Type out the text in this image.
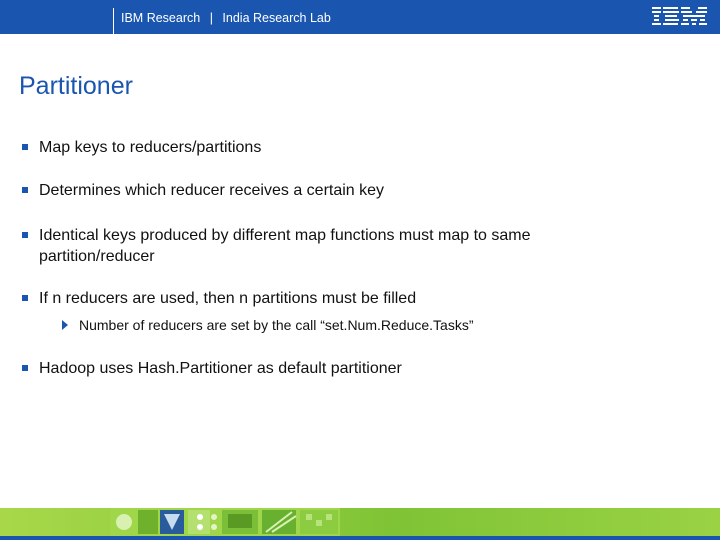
IBM Research | India Research Lab
Partitioner
Map keys to reducers/partitions
Determines which reducer receives a certain key
Identical keys produced by different map functions must map to same
partition/reducer
If n reducers are used, then n partitions must be filled
Number of reducers are set by the call “set.Num.Reduce.Tasks”
Hadoop uses Hash.Partitioner as default partitioner
